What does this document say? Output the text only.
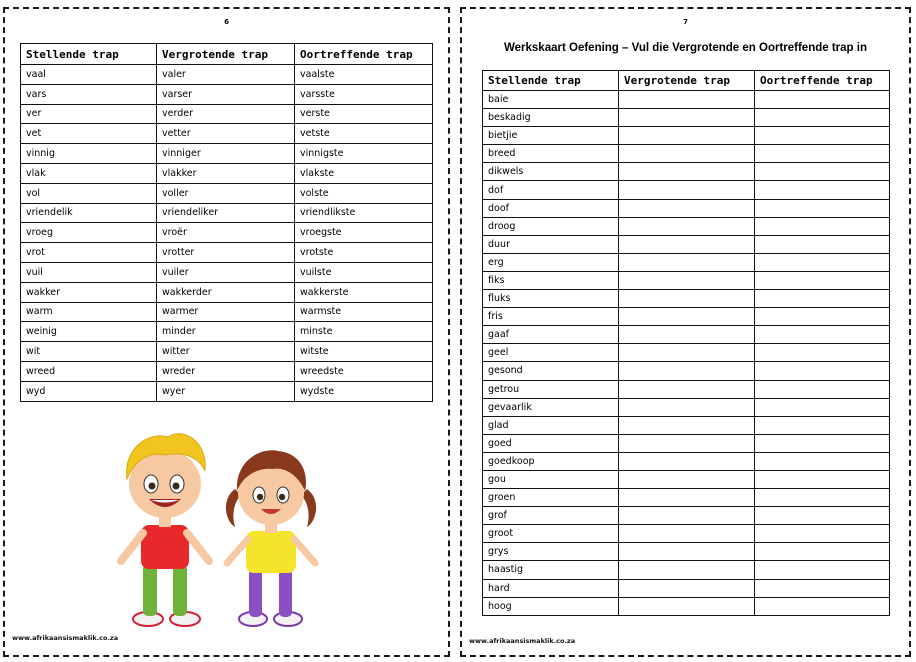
6
Stellende trap	Vergrotende trap	Oortreffende trap
vaal	valer	vaalste
vars	varser	varsste
ver	verder	verste
vet	vetter	vetste
vinnig	vinniger	vinnigste
vlak	vlakker	vlakste
vol	voller	volste
vriendelik	vriendeliker	vriendlikste
vroeg	vroër	vroegste
vrot	vrotter	vrotste
vuil	vuiler	vuilste
wakker	wakkerder	wakkerste
warm	warmer	warmste
weinig	minder	minste
wit	witter	witste
wreed	wreder	wreedste
wyd	wyer	wydste
www.afrikaansismaklik.co.za
7
Werkskaart Oefening – Vul die Vergrotende en Oortreffende trap in
Stellende trap	Vergrotende trap	Oortreffende trap
baie		
beskadig		
bietjie		
breed		
dikwels		
dof		
doof		
droog		
duur		
erg		
fiks		
fluks		
fris		
gaaf		
geel		
gesond		
getrou		
gevaarlik		
glad		
goed		
goedkoop		
gou		
groen		
grof		
groot		
grys		
haastig		
hard		
hoog		
www.afrikaansismaklik.co.za
